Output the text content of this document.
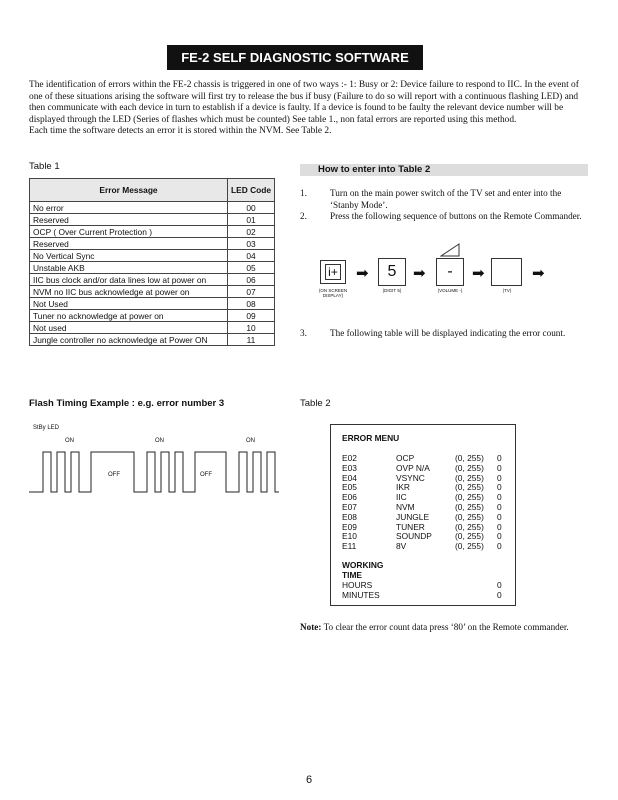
FE-2 SELF DIAGNOSTIC SOFTWARE

The identification of errors within the FE-2 chassis is triggered in one of two ways :- 1: Busy or 2: Device failure to respond to IIC. In the event of one of these situations arising the software will first try to release the bus if busy (Failure to do so will report with a continuous flashing LED) and then communicate with each device in turn to establish if a device is faulty. If a device is found to be faulty the relevant device number will be displayed through the LED (Series of flashes which must be counted) See table 1., non fatal errors are reported using this method.

Each time the software detects an error it is stored within the NVM. See Table 2.

Table 1
Error Message	LED Code
No error	00
Reserved	01
OCP ( Over Current Protection )	02
Reserved	03
No Vertical Sync	04
Unstable AKB	05
IIC bus clock and/or data lines low at power on	06
NVM no IIC bus acknowledge at power on	07
Not Used	08
Tuner no acknowledge at power on	09
Not used	10
Jungle controller no acknowledge at Power ON	11
How to enter into Table 2
1.	Turn on the main power switch of the TV set and enter into the ‘Stanby Mode’.
2.	Press the following sequence of buttons on the Remote Commander.
i+
(ON SCREEN DISPLAY)
➡	5
(DIGIT 5)
➡	-
(VOLUME -)
➡
(TV)
➡
3.	The following table will be displayed indicating the error count.
Flash Timing Example : e.g. error number 3
StBy LED
ON	ON	ON
OFF	OFF
Table 2
ERROR MENU
E02	OCP	(0, 255) 0
E03	OVP N/A	(0, 255) 0
E04	VSYNC	(0, 255) 0
E05	IKR	(0, 255) 0
E06	IIC	(0, 255) 0
E07	NVM	(0, 255) 0
E08	JUNGLE	(0, 255) 0
E09	TUNER	(0, 255) 0
E10	SOUNDP	(0, 255) 0
E11	8V	(0, 255) 0
WORKING
TIME
HOURS	0
MINUTES	0
Note: To clear the error count data press ‘80’ on the Remote commander.
6
